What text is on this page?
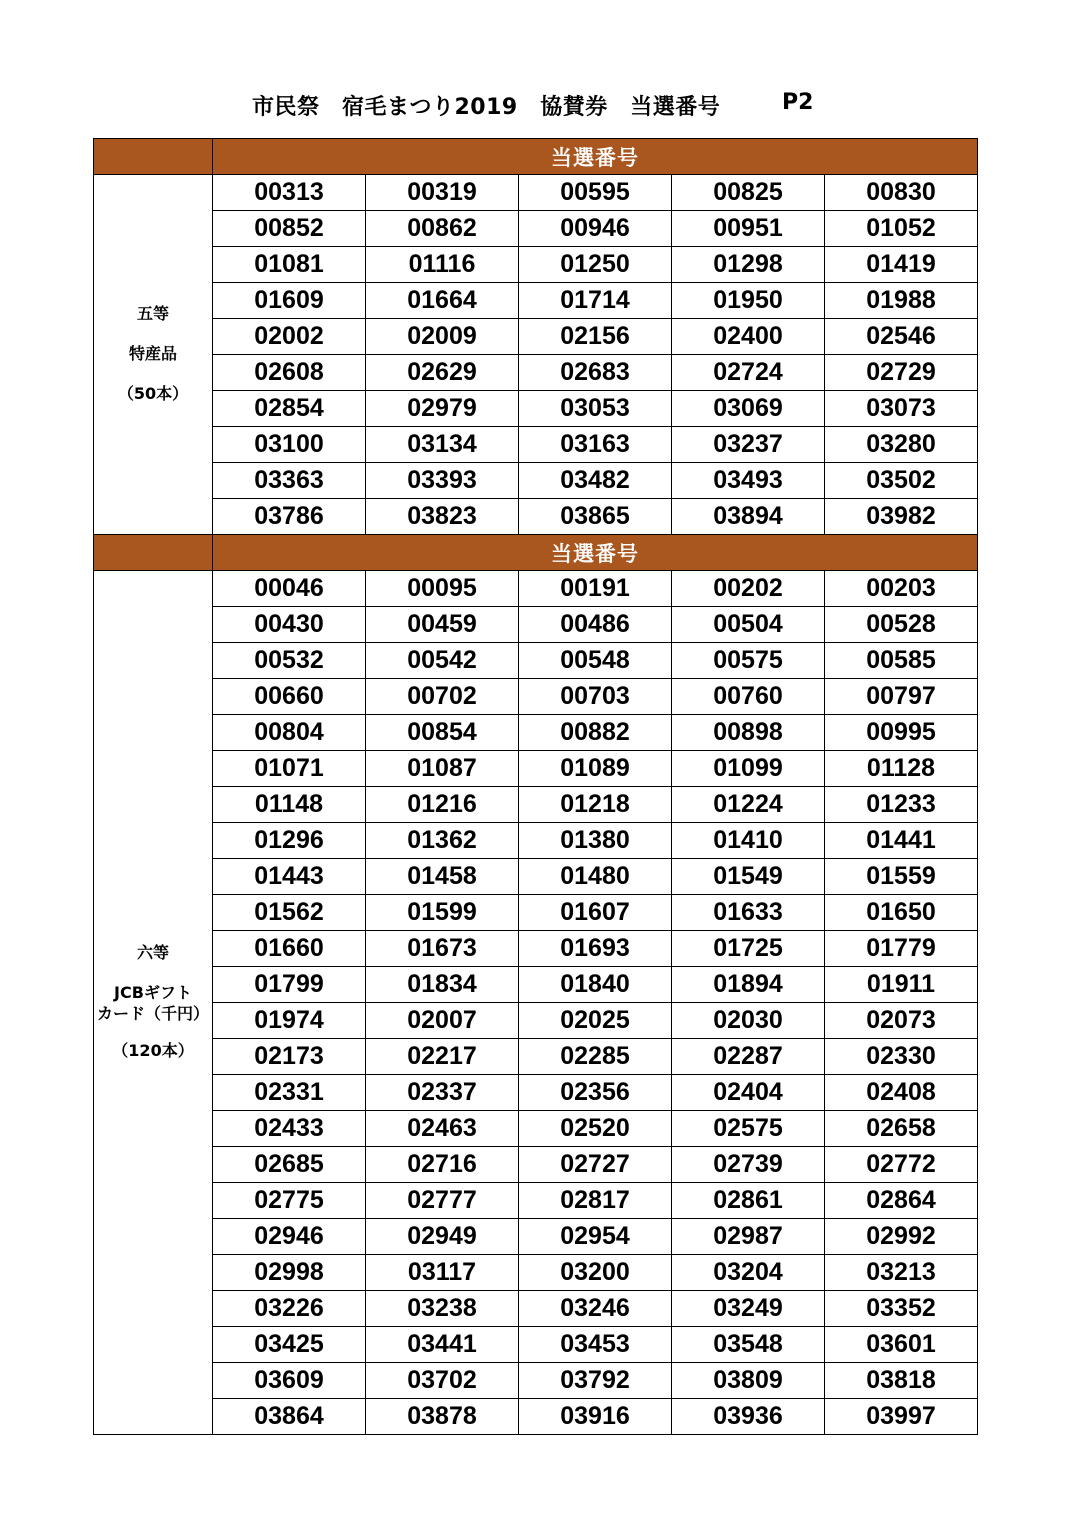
市民祭　宿毛まつり2019　協賛券　当選番号	P2
	当選番号				

五等
特産品
（50本）	00313	00319	00595	00825	00830
	00852	00862	00946	00951	01052
	01081	01116	01250	01298	01419
	01609	01664	01714	01950	01988
	02002	02009	02156	02400	02546
	02608	02629	02683	02724	02729
	02854	02979	03053	03069	03073
	03100	03134	03163	03237	03280
	03363	03393	03482	03493	03502
	03786	03823	03865	03894	03982
	当選番号				

六等
JCBギフト
カード（千円）
（120本）	00046	00095	00191	00202	00203
	00430	00459	00486	00504	00528
	00532	00542	00548	00575	00585
	00660	00702	00703	00760	00797
	00804	00854	00882	00898	00995
	01071	01087	01089	01099	01128
	01148	01216	01218	01224	01233
	01296	01362	01380	01410	01441
	01443	01458	01480	01549	01559
	01562	01599	01607	01633	01650
	01660	01673	01693	01725	01779
	01799	01834	01840	01894	01911
	01974	02007	02025	02030	02073
	02173	02217	02285	02287	02330
	02331	02337	02356	02404	02408
	02433	02463	02520	02575	02658
	02685	02716	02727	02739	02772
	02775	02777	02817	02861	02864
	02946	02949	02954	02987	02992
	02998	03117	03200	03204	03213
	03226	03238	03246	03249	03352
	03425	03441	03453	03548	03601
	03609	03702	03792	03809	03818
	03864	03878	03916	03936	03997
